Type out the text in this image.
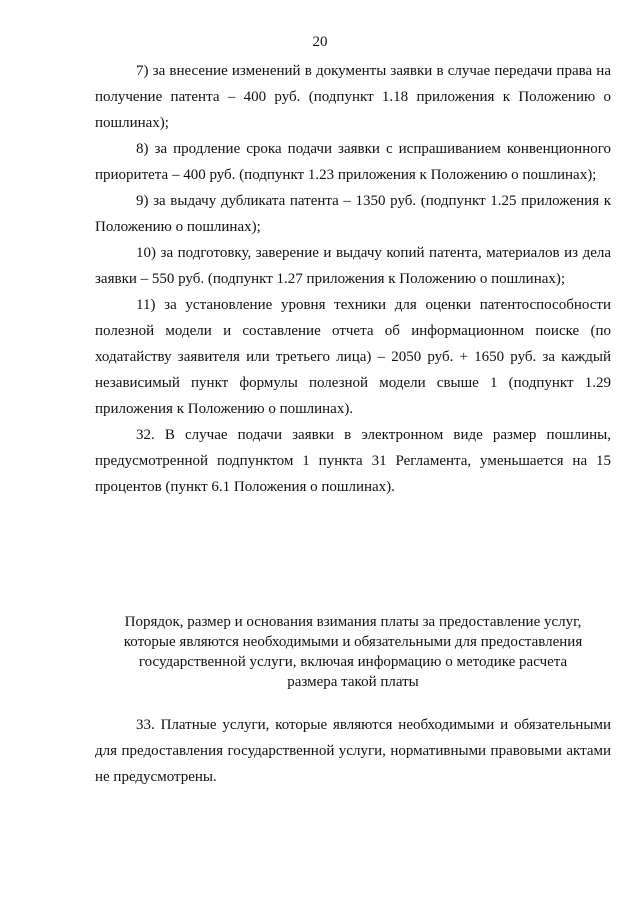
20

7) за внесение изменений в документы заявки в случае передачи права на получение патента – 400 руб. (подпункт 1.18 приложения к Положению о пошлинах);

8) за продление срока подачи заявки с испрашиванием конвенционного приоритета – 400 руб. (подпункт 1.23 приложения к Положению о пошлинах);

9) за выдачу дубликата патента – 1350 руб. (подпункт 1.25 приложения к Положению о пошлинах);

10) за подготовку, заверение и выдачу копий патента, материалов из дела заявки – 550 руб. (подпункт 1.27 приложения к Положению о пошлинах);

11) за установление уровня техники для оценки патентоспособности полезной модели и составление отчета об информационном поиске (по ходатайству заявителя или третьего лица) – 2050 руб. + 1650 руб. за каждый независимый пункт формулы полезной модели свыше 1 (подпункт 1.29 приложения к Положению о пошлинах).

32. В случае подачи заявки в электронном виде размер пошлины, предусмотренной подпунктом 1 пункта 31 Регламента, уменьшается на 15 процентов (пункт 6.1 Положения о пошлинах).

Порядок, размер и основания взимания платы за предоставление услуг,
которые являются необходимыми и обязательными для предоставления
государственной услуги, включая информацию о методике расчета
размера такой платы

33. Платные услуги, которые являются необходимыми и обязательными для предоставления государственной услуги, нормативными правовыми актами не предусмотрены.
